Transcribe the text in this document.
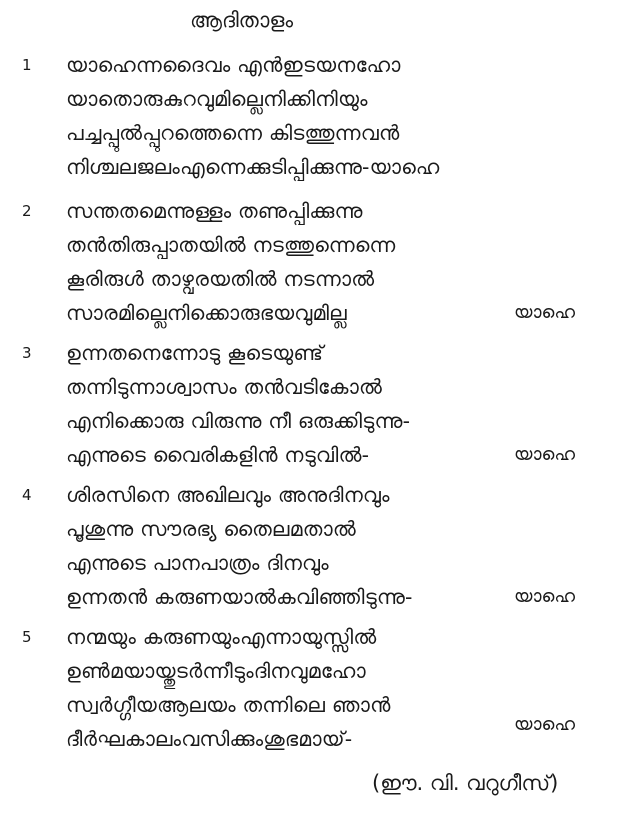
ആദിതാളം
1 യാഹെന്നദൈവം എൻഇടയനഹോ
യാതൊരുകുറവുമില്ലെനിക്കിനിയും
പച്ചപ്പുൽപ്പുറത്തെന്നെ കിടത്തുന്നവൻ
നിശ്ചലജലംഎന്നെക്കുടിപ്പിക്കുന്നു-യാഹെ
2 സന്തതമെന്നുള്ളം തണുപ്പിക്കുന്നു
തൻതിരുപ്പാതയിൽ നടത്തുന്നെന്നെ
കൂരിരുൾ താഴ്വരയതിൽ നടന്നാൽ
സാരമില്ലെനിക്കൊരുഭയവുമില്ല	യാഹെ
3 ഉന്നതനെന്നോടു കൂടെയുണ്ട്
തന്നിടുന്നാശ്വാസം തൻവടികോൽ
എനിക്കൊരു വിരുന്നു നീ ഒരുക്കിടുന്നു-
എന്നുടെ വൈരികളിൻ നടുവിൽ-	യാഹെ
4 ശിരസിനെ അഖിലവും അനുദിനവും
പൂശുന്നു സൗരഭ്യ തൈലമതാൽ
എന്നുടെ പാനപാത്രം ദിനവും
ഉന്നതൻ കരുണയാൽകവിഞ്ഞിടുന്നു-	യാഹെ
5 നന്മയും കരുണയുംഎന്നായുസ്സിൽ
ഉൺമയായ്തുടർന്നീടുംദിനവുമഹോ
സ്വർഗ്ഗീയആലയം തന്നിലെ ഞാൻ
ദീർഘകാലംവസിക്കുംശുഭമായ്-
യാഹെ
(ഈ. വി. വറുഗീസ്)
